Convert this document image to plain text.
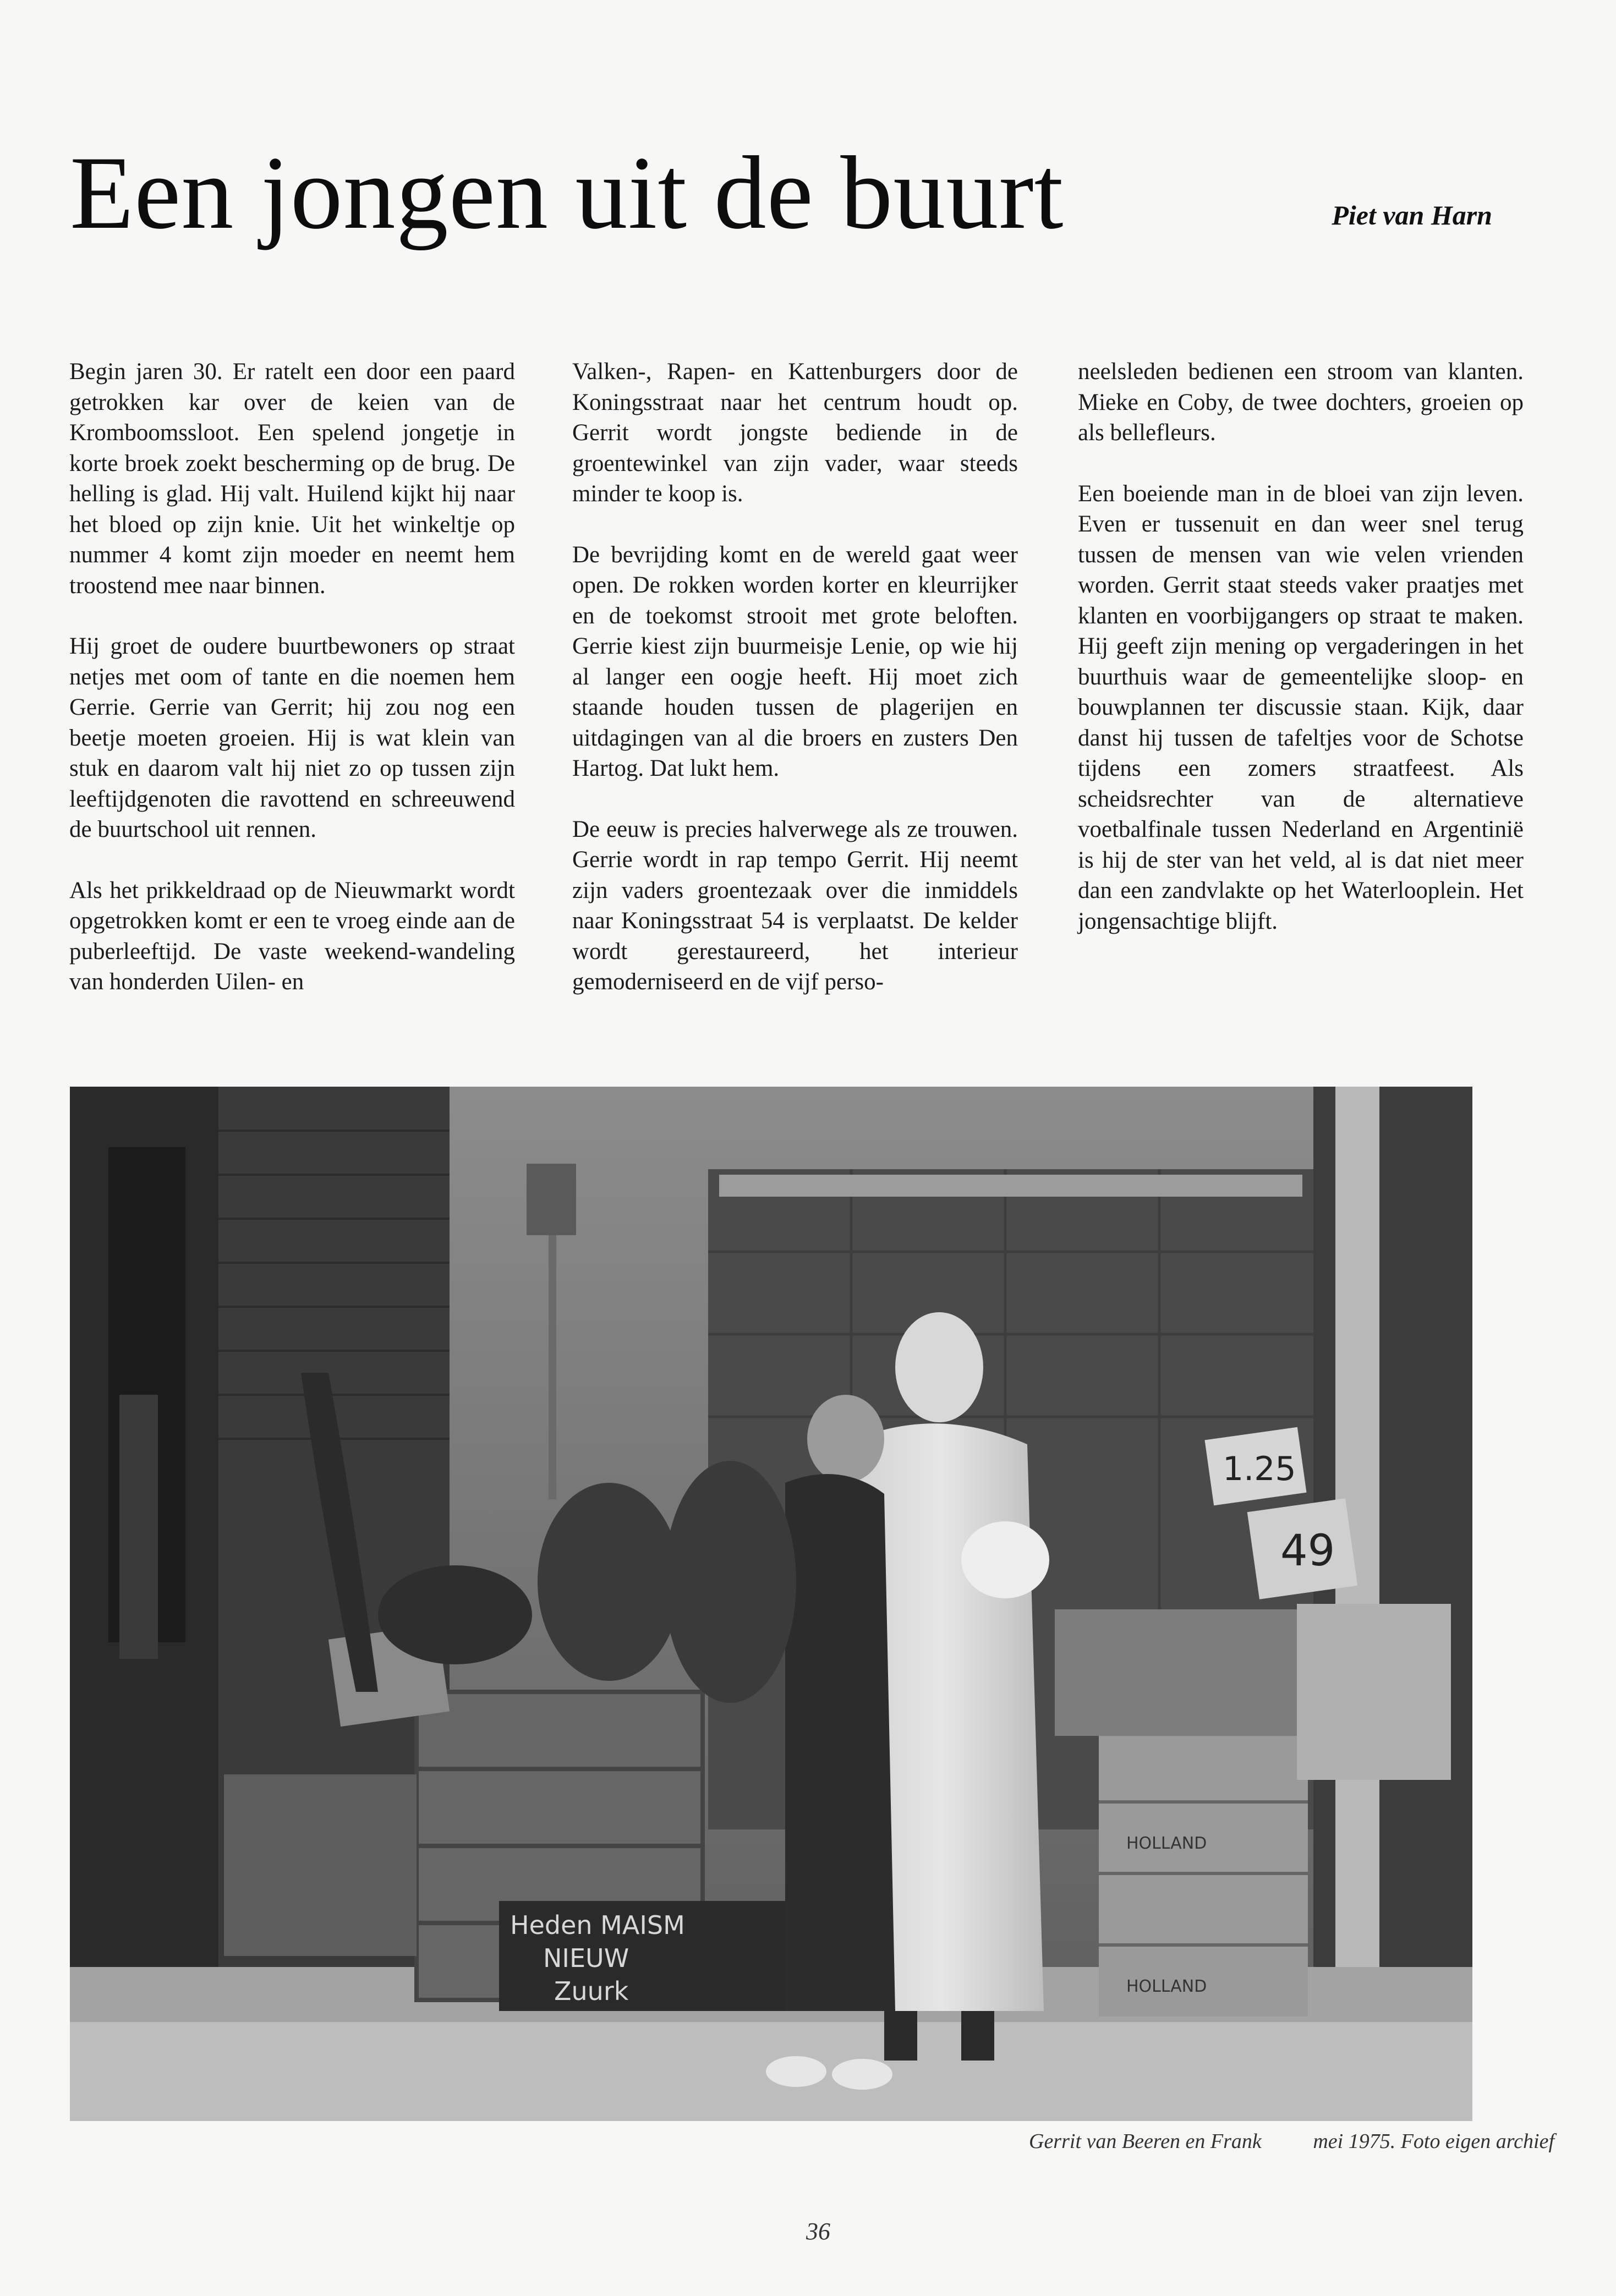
Een jongen uit de buurt	Piet van Harn

Begin jaren 30. Er ratelt een door een paard getrokken kar over de keien van de Kromboomssloot. Een spelend jongetje in korte broek zoekt bescherming op de brug. De helling is glad. Hij valt. Huilend kijkt hij naar het bloed op zijn knie. Uit het winkeltje op nummer 4 komt zijn moeder en neemt hem troostend mee naar binnen.

Hij groet de oudere buurtbewoners op straat netjes met oom of tante en die noemen hem Gerrie. Gerrie van Gerrit; hij zou nog een beetje moeten groeien. Hij is wat klein van stuk en daarom valt hij niet zo op tussen zijn leeftijdgenoten die ravottend en schreeuwend de buurtschool uit rennen.

Als het prikkeldraad op de Nieuwmarkt wordt opgetrokken komt er een te vroeg einde aan de puberleeftijd. De vaste weekend-wandeling van honderden Uilen- en

Valken-, Rapen- en Kattenburgers door de Koningsstraat naar het centrum houdt op. Gerrit wordt jongste bediende in de groentewinkel van zijn vader, waar steeds minder te koop is.

De bevrijding komt en de wereld gaat weer open. De rokken worden korter en kleurrijker en de toekomst strooit met grote beloften. Gerrie kiest zijn buurmeisje Lenie, op wie hij al langer een oogje heeft. Hij moet zich staande houden tussen de plagerijen en uitdagingen van al die broers en zusters Den Hartog. Dat lukt hem.

De eeuw is precies halverwege als ze trouwen. Gerrie wordt in rap tempo Gerrit. Hij neemt zijn vaders groentezaak over die inmiddels naar Koningsstraat 54 is verplaatst. De kelder wordt gerestaureerd, het interieur gemoderniseerd en de vijf perso-

neelsleden bedienen een stroom van klanten. Mieke en Coby, de twee dochters, groeien op als bellefleurs.

Een boeiende man in de bloei van zijn leven. Even er tussenuit en dan weer snel terug tussen de mensen van wie velen vrienden worden. Gerrit staat steeds vaker praatjes met klanten en voorbijgangers op straat te maken. Hij geeft zijn mening op vergaderingen in het buurthuis waar de gemeentelijke sloop- en bouwplannen ter discussie staan. Kijk, daar danst hij tussen de tafeltjes voor de Schotse tijdens een zomers straatfeest. Als scheidsrechter van de alternatieve voetbalfinale tussen Nederland en Argentinië is hij de ster van het veld, al is dat niet meer dan een zandvlakte op het Waterlooplein. Het jongensachtige blijft.

Heden MAISM
NIEUW
Zuurk
HOLLAND
HOLLAND
1.25
49
Gerrit van Beeren en Frank mei 1975. Foto eigen archief
36
